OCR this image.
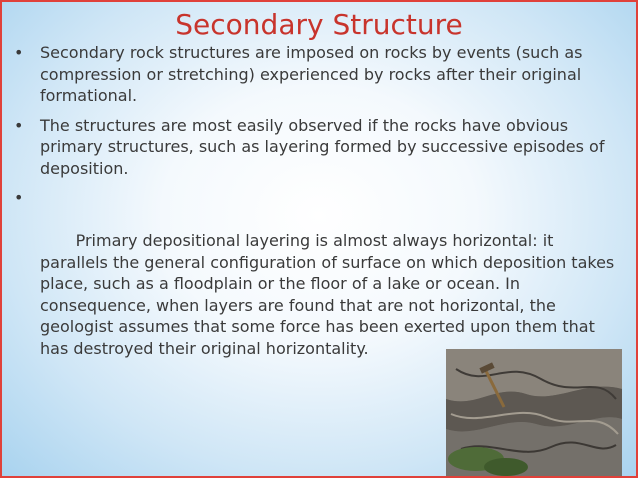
Secondary Structure
• Secondary rock structures are imposed on rocks by events (such as compression or stretching) experienced by rocks after their original formational.
• The structures are most easily observed if the rocks have obvious primary structures, such as layering formed by successive episodes of deposition.

•

Primary depositional layering is almost always horizontal: it parallels the general configuration of surface on which deposition takes place, such as a floodplain or the floor of a lake or ocean. In consequence, when layers are found that are not horizontal, the geologist assumes that some force has been exerted upon them that has destroyed their original horizontality.
